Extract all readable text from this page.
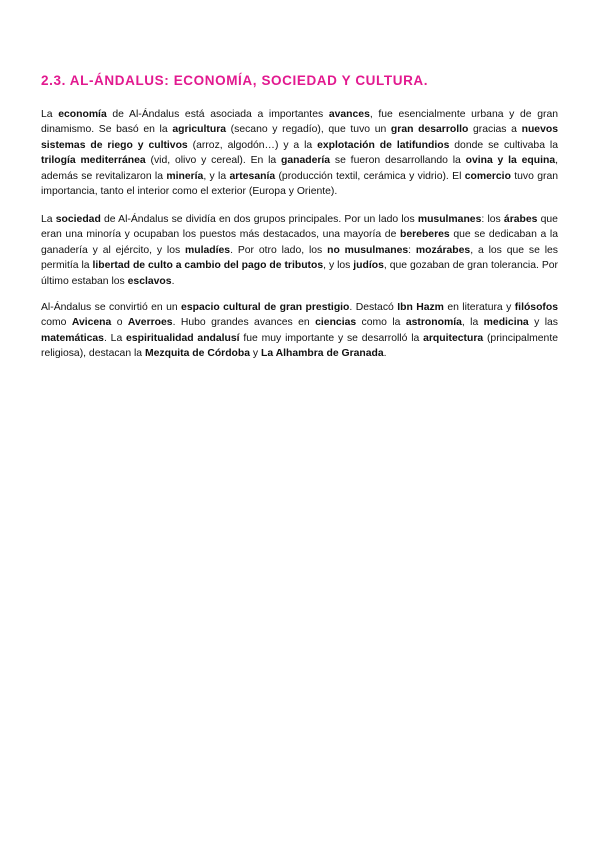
2.3. AL-ÁNDALUS: ECONOMÍA, SOCIEDAD Y CULTURA.

La economía de Al-Ándalus está asociada a importantes avances, fue esencialmente urbana y de gran dinamismo. Se basó en la agricultura (secano y regadío), que tuvo un gran desarrollo gracias a nuevos sistemas de riego y cultivos (arroz, algodón…) y a la explotación de latifundios donde se cultivaba la trilogía mediterránea (vid, olivo y cereal). En la ganadería se fueron desarrollando la ovina y la equina, además se revitalizaron la minería, y la artesanía (producción textil, cerámica y vidrio). El comercio tuvo gran importancia, tanto el interior como el exterior (Europa y Oriente).

La sociedad de Al-Ándalus se dividía en dos grupos principales. Por un lado los musulmanes: los árabes que eran una minoría y ocupaban los puestos más destacados, una mayoría de bereberes que se dedicaban a la ganadería y al ejército, y los muladíes. Por otro lado, los no musulmanes: mozárabes, a los que se les permitía la libertad de culto a cambio del pago de tributos, y los judíos, que gozaban de gran tolerancia. Por último estaban los esclavos.

Al-Ándalus se convirtió en un espacio cultural de gran prestigio. Destacó Ibn Hazm en literatura y filósofos como Avicena o Averroes. Hubo grandes avances en ciencias como la astronomía, la medicina y las matemáticas. La espiritualidad andalusí fue muy importante y se desarrolló la arquitectura (principalmente religiosa), destacan la Mezquita de Córdoba y La Alhambra de Granada.
